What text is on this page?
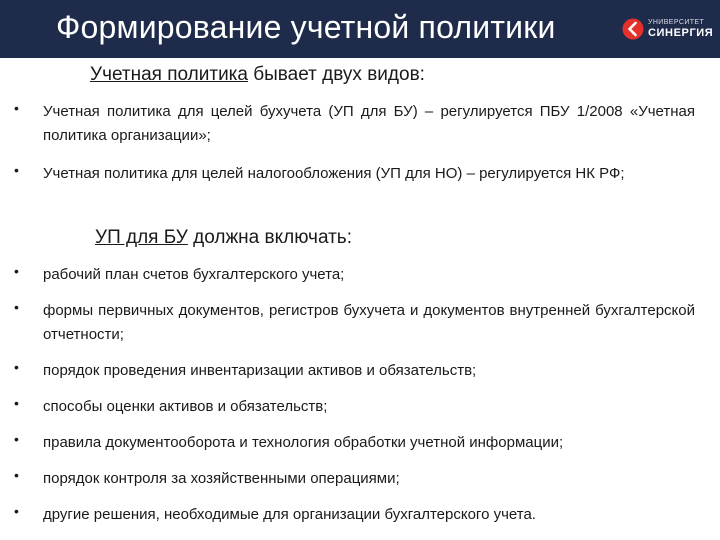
Формирование учетной политики	УНИВЕРСИТЕТ
СИНЕРГИЯ
Учетная политика бывает двух видов:
• Учетная политика для целей бухучета (УП для БУ) – регулируется ПБУ 1/2008 «Учетная политика организации»;
• Учетная политика для целей налогообложения (УП для НО) – регулируется НК РФ;
УП для БУ должна включать:
• рабочий план счетов бухгалтерского учета;
• формы первичных документов, регистров бухучета и документов внутренней бухгалтерской отчетности;
• порядок проведения инвентаризации активов и обязательств;
• способы оценки активов и обязательств;
• правила документооборота и технология обработки учетной информации;
• порядок контроля за хозяйственными операциями;
• другие решения, необходимые для организации бухгалтерского учета.
